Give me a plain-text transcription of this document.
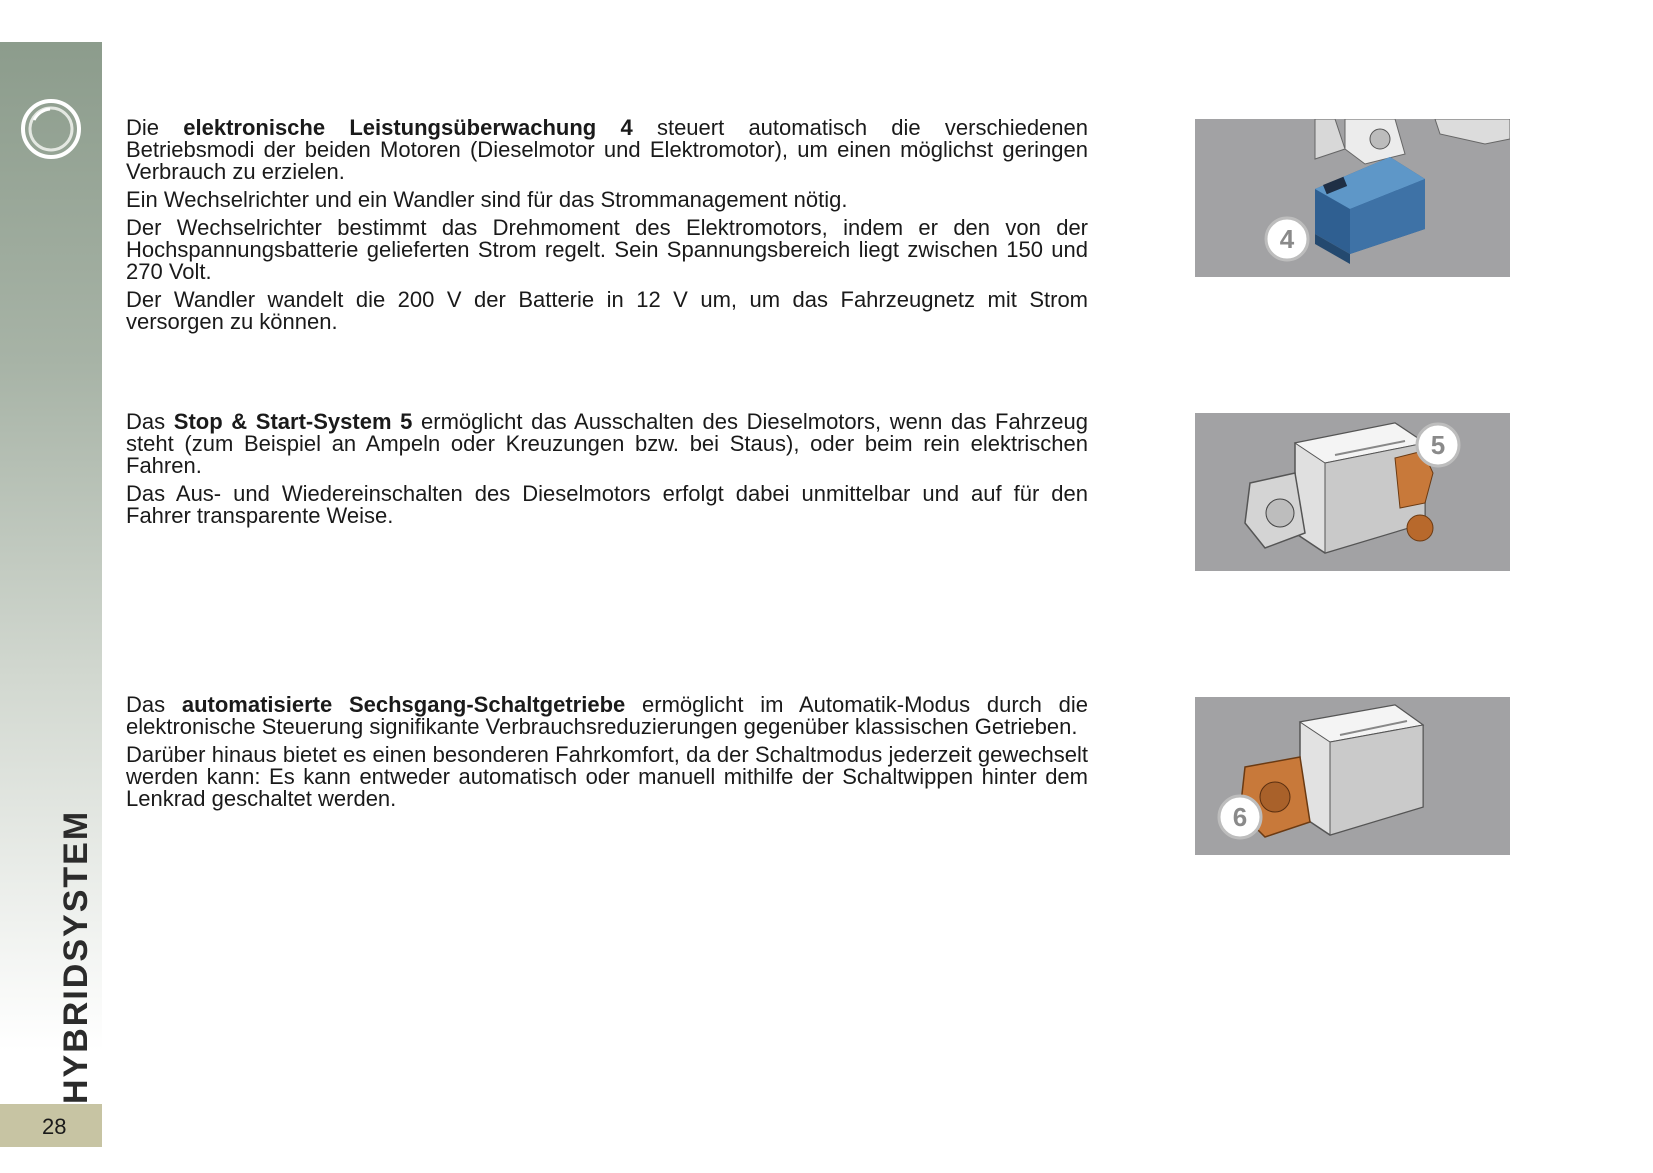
HYBRIDSYSTEM
28

Die elektronische Leistungsüberwachung 4 steuert automatisch die verschiedenen Betriebsmodi der beiden Motoren (Dieselmotor und Elektromotor), um einen möglichst geringen Verbrauch zu erzielen.

Ein Wechselrichter und ein Wandler sind für das Strommanagement nötig.

Der Wechselrichter bestimmt das Drehmoment des Elektromotors, indem er den von der Hochspannungsbatterie gelieferten Strom regelt. Sein Spannungsbereich liegt zwischen 150 und 270 Volt.

Der Wandler wandelt die 200 V der Batterie in 12 V um, um das Fahrzeugnetz mit Strom versorgen zu können.

4

Das Stop & Start-System 5 ermöglicht das Ausschalten des Dieselmotors, wenn das Fahrzeug steht (zum Beispiel an Ampeln oder Kreuzungen bzw. bei Staus), oder beim rein elektrischen Fahren.

Das Aus- und Wiedereinschalten des Dieselmotors erfolgt dabei unmittelbar und auf für den Fahrer transparente Weise.

5

Das automatisierte Sechsgang-Schaltgetriebe ermöglicht im Automatik-Modus durch die elektronische Steuerung signifikante Verbrauchsreduzierungen gegenüber klassischen Getrieben.

Darüber hinaus bietet es einen besonderen Fahrkomfort, da der Schaltmodus jederzeit gewechselt werden kann: Es kann entweder automatisch oder manuell mithilfe der Schaltwippen hinter dem Lenkrad geschaltet werden.

6
